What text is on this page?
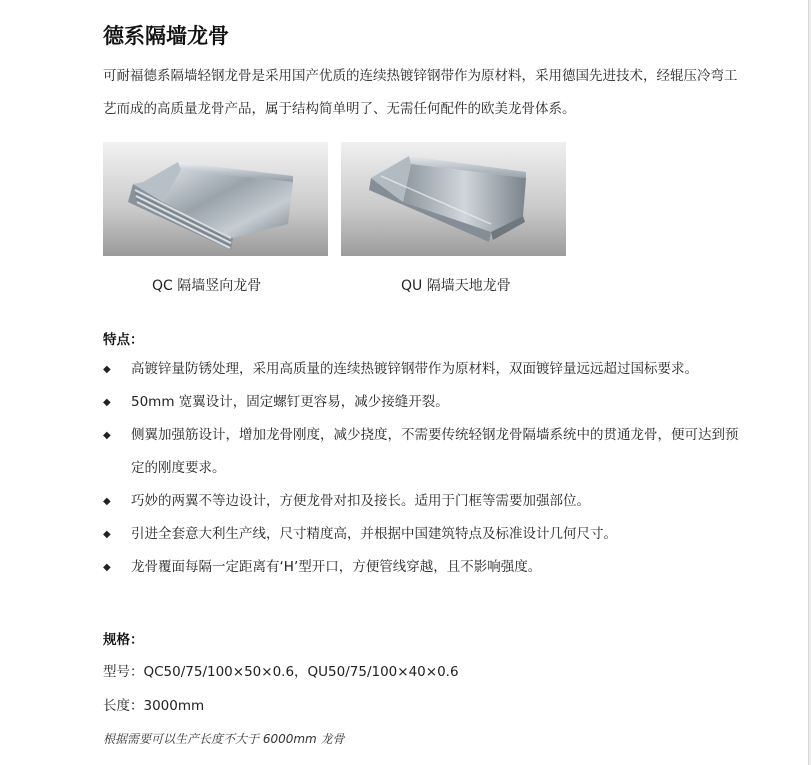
德系隔墙龙骨

可耐福德系隔墙轻钢龙骨是采用国产优质的连续热镀锌钢带作为原材料，采用德国先进技术，经辊压冷弯工艺而成的高质量龙骨产品，属于结构简单明了、无需任何配件的欧美龙骨体系。

QC 隔墙竖向龙骨	QU 隔墙天地龙骨
特点：
◆ 高镀锌量防锈处理，采用高质量的连续热镀锌钢带作为原材料，双面镀锌量远远超过国标要求。
◆ 50mm 宽翼设计，固定螺钉更容易，减少接缝开裂。
◆ 侧翼加强筋设计，增加龙骨刚度，减少挠度，不需要传统轻钢龙骨隔墙系统中的贯通龙骨，便可达到预定的刚度要求。
◆ 巧妙的两翼不等边设计，方便龙骨对扣及接长。适用于门框等需要加强部位。
◆ 引进全套意大利生产线，尺寸精度高，并根据中国建筑特点及标准设计几何尺寸。
◆ 龙骨覆面每隔一定距离有‘H’型开口，方便管线穿越，且不影响强度。
规格：
型号：QC50/75/100×50×0.6，QU50/75/100×40×0.6
长度：3000mm
根据需要可以生产长度不大于 6000mm 龙骨
